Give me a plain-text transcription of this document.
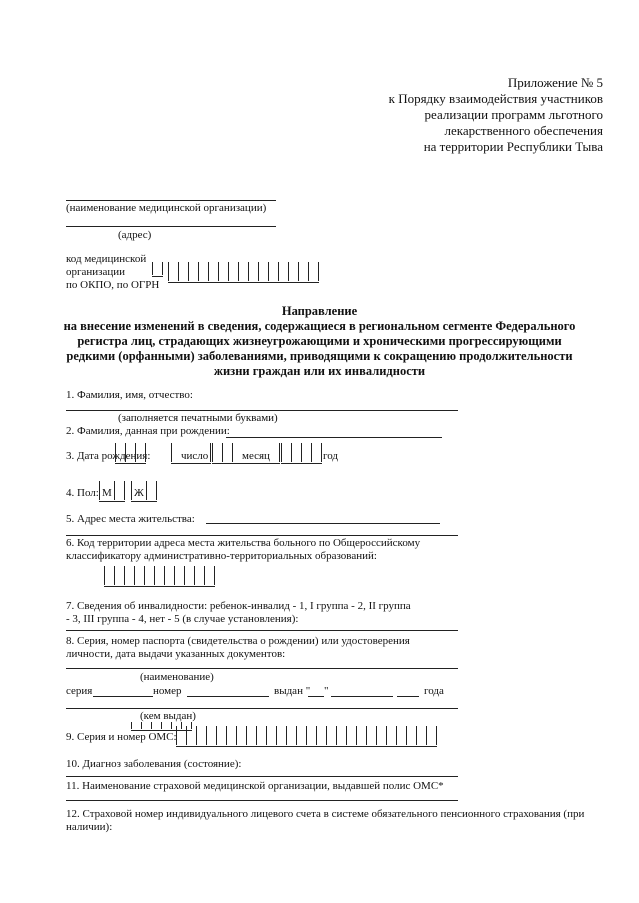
Приложение № 5
к Порядку взаимодействия участников
реализации программ льготного
лекарственного обеспечения
на территории Республики Тыва
(наименование медицинской организации)
(адрес)
код медицинской
организации
по ОКПО, по ОГРН
Направление
на внесение изменений в сведения, содержащиеся в региональном сегменте Федерального
регистра лиц, страдающих жизнеугрожающими и хроническими прогрессирующими
редкими (орфанными) заболеваниями, приводящими к сокращению продолжительности
жизни граждан или их инвалидности
1. Фамилия, имя, отчество:
(заполняется печатными буквами)
2. Фамилия, данная при рождении:
3. Дата рождения:	число	месяц	год
4. Пол: М Ж
5. Адрес места жительства:
6. Код территории адреса места жительства больного по Общероссийскому
классификатору административно-территориальных образований:
7. Сведения об инвалидности: ребенок-инвалид - 1, I группа - 2, II группа
- 3, III группа - 4, нет - 5 (в случае установления):
8. Серия, номер паспорта (свидетельства о рождении) или удостоверения
личности, дата выдачи указанных документов:
(наименование)
серия	номер	выдан " "	года
(кем выдан)
9. Серия и номер ОМС:
10. Диагноз заболевания (состояние):
11. Наименование страховой медицинской организации, выдавшей полис ОМС*
12. Страховой номер индивидуального лицевого счета в системе обязательного пенсионного страхования (при
наличии):
